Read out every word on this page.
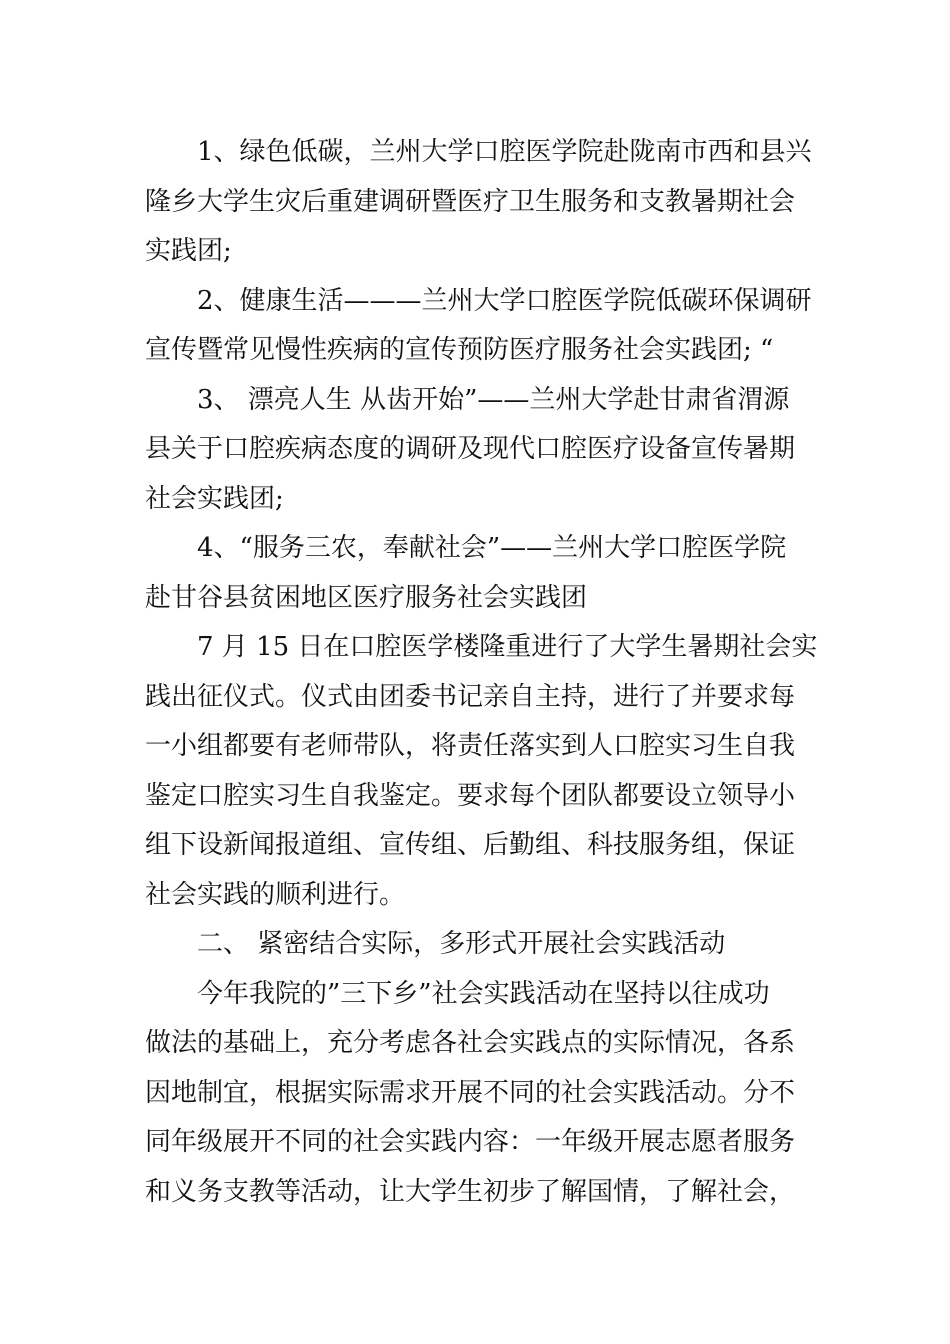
1、绿色低碳，兰州大学口腔医学院赴陇南市西和县兴
隆乡大学生灾后重建调研暨医疗卫生服务和支教暑期社会
实践团;
2、健康生活———兰州大学口腔医学院低碳环保调研
宣传暨常见慢性疾病的宣传预防医疗服务社会实践团; “
3、 漂亮人生 从齿开始”——兰州大学赴甘肃省渭源
县关于口腔疾病态度的调研及现代口腔医疗设备宣传暑期
社会实践团;
4、“服务三农，奉献社会”——兰州大学口腔医学院
赴甘谷县贫困地区医疗服务社会实践团
7 月 15 日在口腔医学楼隆重进行了大学生暑期社会实
践出征仪式。仪式由团委书记亲自主持，进行了并要求每
一小组都要有老师带队，将责任落实到人口腔实习生自我
鉴定口腔实习生自我鉴定。要求每个团队都要设立领导小
组下设新闻报道组、宣传组、后勤组、科技服务组，保证
社会实践的顺利进行。
二、 紧密结合实际，多形式开展社会实践活动
今年我院的”三下乡”社会实践活动在坚持以往成功
做法的基础上，充分考虑各社会实践点的实际情况，各系
因地制宜，根据实际需求开展不同的社会实践活动。分不
同年级展开不同的社会实践内容：一年级开展志愿者服务
和义务支教等活动，让大学生初步了解国情，了解社会，
